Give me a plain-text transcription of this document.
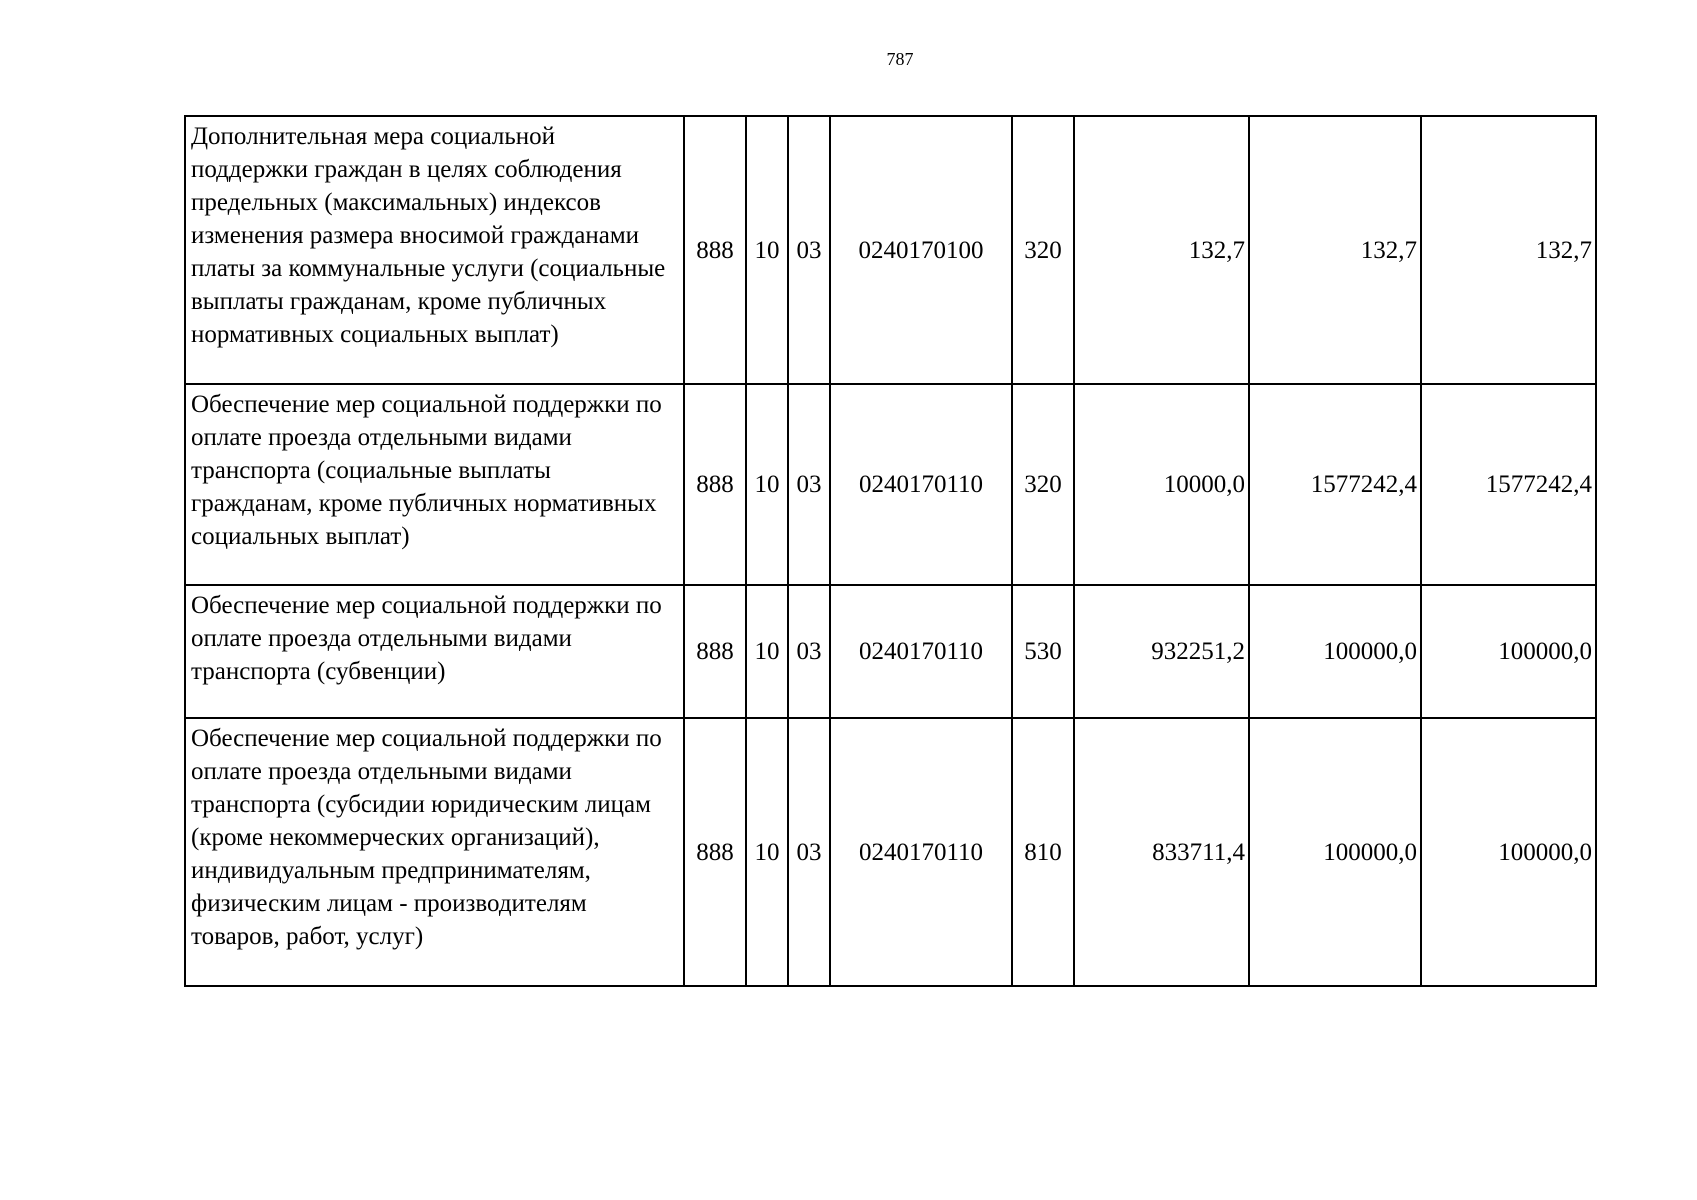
787
Дополнительная мера социальной поддержки граждан в целях соблюдения предельных (максимальных) индексов изменения размера вносимой гражданами платы за коммунальные услуги (социальные выплаты гражданам, кроме публичных нормативных социальных выплат)	888	10	03	0240170100	320	132,7	132,7	132,7
Обеспечение мер социальной поддержки по оплате проезда отдельными видами транспорта (социальные выплаты гражданам, кроме публичных нормативных социальных выплат)	888	10	03	0240170110	320	10000,0	1577242,4	1577242,4
Обеспечение мер социальной поддержки по оплате проезда отдельными видами транспорта (субвенции)	888	10	03	0240170110	530	932251,2	100000,0	100000,0
Обеспечение мер социальной поддержки по оплате проезда отдельными видами транспорта (субсидии юридическим лицам (кроме некоммерческих организаций), индивидуальным предпринимателям, физическим лицам - производителям товаров, работ, услуг)	888	10	03	0240170110	810	833711,4	100000,0	100000,0
